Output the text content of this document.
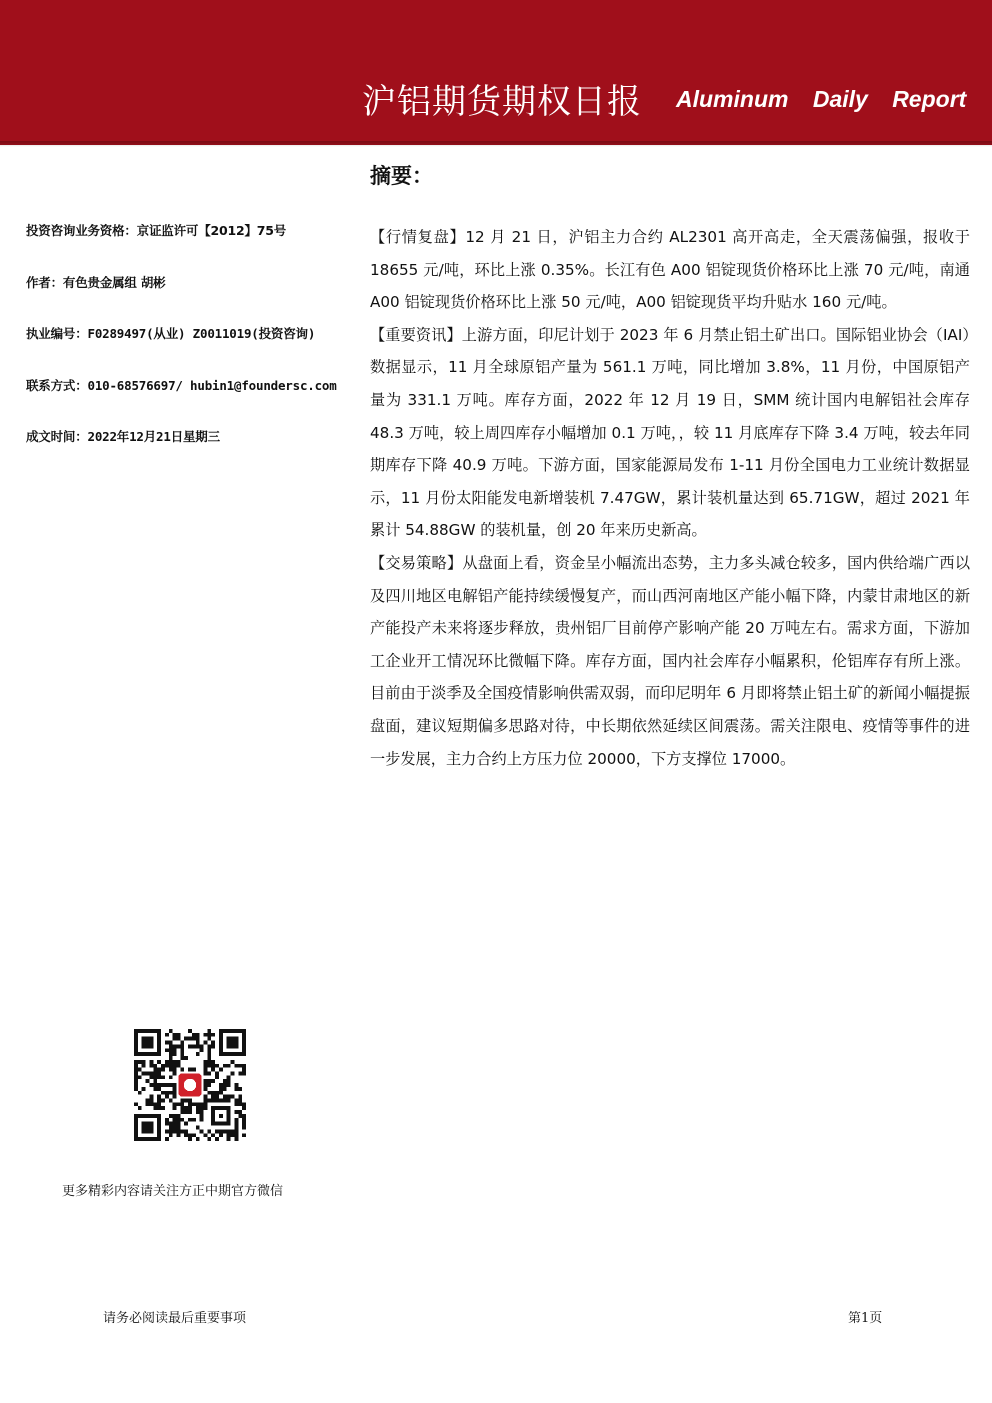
沪铝期货期权日报 Aluminum Daily Report
摘要：
投资咨询业务资格：京证监许可【2012】75号
作者：有色贵金属组 胡彬
执业编号：F0289497(从业) Z0011019(投资咨询)
联系方式：010-68576697/ hubin1@foundersc.com
成文时间：2022年12月21日星期三

【行情复盘】12 月 21 日，沪铝主力合约 AL2301 高开高走，全天震荡偏强，报收于 18655 元/吨，环比上涨 0.35%。长江有色 A00 铝锭现货价格环比上涨 70 元/吨，南通 A00 铝锭现货价格环比上涨 50 元/吨，A00 铝锭现货平均升贴水 160 元/吨。

【重要资讯】上游方面，印尼计划于 2023 年 6 月禁止铝土矿出口。国际铝业协会（IAI）数据显示，11 月全球原铝产量为 561.1 万吨，同比增加 3.8%，11 月份，中国原铝产量为 331.1 万吨。库存方面，2022 年 12 月 19 日，SMM 统计国内电解铝社会库存 48.3 万吨，较上周四库存小幅增加 0.1 万吨，，较 11 月底库存下降 3.4 万吨，较去年同期库存下降 40.9 万吨。下游方面，国家能源局发布 1-11 月份全国电力工业统计数据显示，11 月份太阳能发电新增装机 7.47GW，累计装机量达到 65.71GW，超过 2021 年累计 54.88GW 的装机量，创 20 年来历史新高。

【交易策略】从盘面上看，资金呈小幅流出态势，主力多头减仓较多，国内供给端广西以及四川地区电解铝产能持续缓慢复产，而山西河南地区产能小幅下降，内蒙甘肃地区的新产能投产未来将逐步释放，贵州铝厂目前停产影响产能 20 万吨左右。需求方面，下游加工企业开工情况环比微幅下降。库存方面，国内社会库存小幅累积，伦铝库存有所上涨。目前由于淡季及全国疫情影响供需双弱，而印尼明年 6 月即将禁止铝土矿的新闻小幅提振盘面，建议短期偏多思路对待，中长期依然延续区间震荡。需关注限电、疫情等事件的进一步发展，主力合约上方压力位 20000，下方支撑位 17000。

更多精彩内容请关注方正中期官方微信
请务必阅读最后重要事项	第1页
